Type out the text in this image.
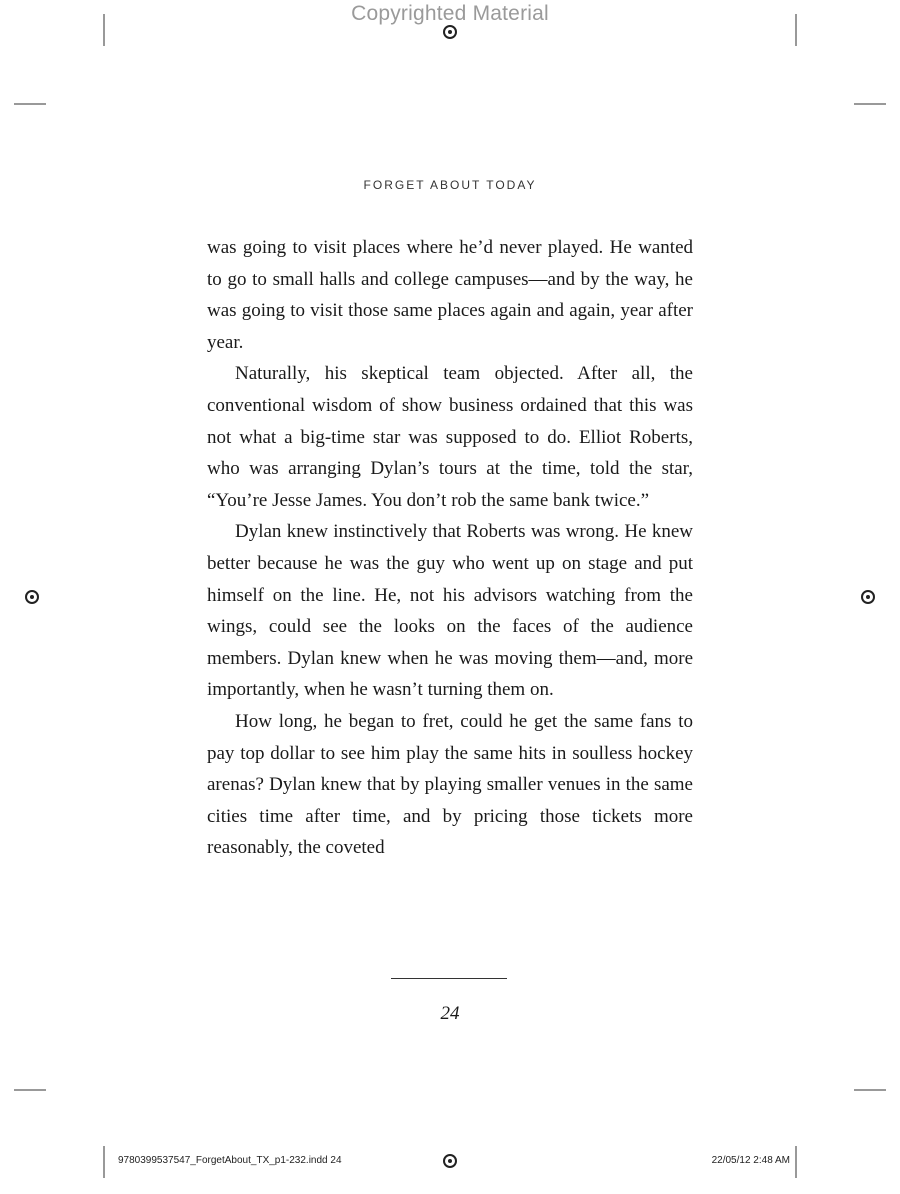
Copyrighted Material
FORGET ABOUT TODAY

was going to visit places where he’d never played. He wanted to go to small halls and college campuses—and by the way, he was going to visit those same places again and again, year after year.

Naturally, his skeptical team objected. After all, the conventional wisdom of show business ordained that this was not what a big-time star was supposed to do. Elliot Roberts, who was arranging Dylan’s tours at the time, told the star, “You’re Jesse James. You don’t rob the same bank twice.”

Dylan knew instinctively that Roberts was wrong. He knew better because he was the guy who went up on stage and put himself on the line. He, not his advisors watching from the wings, could see the looks on the faces of the audience members. Dylan knew when he was moving them—and, more importantly, when he wasn’t turning them on.

How long, he began to fret, could he get the same fans to pay top dollar to see him play the same hits in soulless hockey arenas? Dylan knew that by playing smaller venues in the same cities time after time, and by pricing those tickets more reasonably, the coveted

24
9780399537547_ForgetAbout_TX_p1-232.indd 24	22/05/12 2:48 AM
